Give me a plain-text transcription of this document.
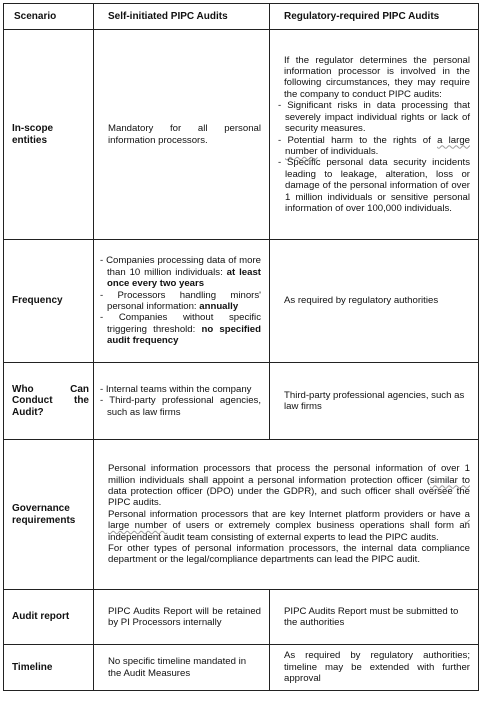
Scenario	Self-initiated PIPC Audits	Regulatory-required PIPC Audits
In-scope entities	Mandatory for all personal information processors.	If the regulator determines the personal information processor is involved in the following circumstances, they may require the company to conduct PIPC audits:

- Significant risks in data processing that severely impact individual rights or lack of security measures.
- Potential harm to the rights of a large number of individuals.
- Specific personal data security incidents leading to leakage, alteration, loss or damage of the personal information of over 1 million individuals or sensitive personal information of over 100,000 individuals.

Frequency	- Companies processing data of more than 10 million individuals: at least once every two years
- Processors handling minors' personal information: annually
- Companies without specific triggering threshold: no specified audit frequency	As required by regulatory authorities
Who Can Conduct the Audit?	- Internal teams within the company
- Third-party professional agencies, such as law firms	Third-party professional agencies, such as law firms
Governance requirements	Personal information processors that process the personal information of over 1 million individuals shall appoint a personal information protection officer (similar to data protection officer (DPO) under the GDPR), and such officer shall oversee the PIPC audits.

Personal information processors that are key Internet platform providers or have a large number of users or extremely complex business operations shall form an independent audit team consisting of external experts to lead the PIPC audits.

For other types of personal information processors, the internal data compliance department or the legal/compliance departments can lead the PIPC audit.	

Audit report	PIPC Audits Report will be retained by PI Processors internally	PIPC Audits Report must be submitted to the authorities
Timeline	No specific timeline mandated in the Audit Measures	As required by regulatory authorities; timeline may be extended with further approval
